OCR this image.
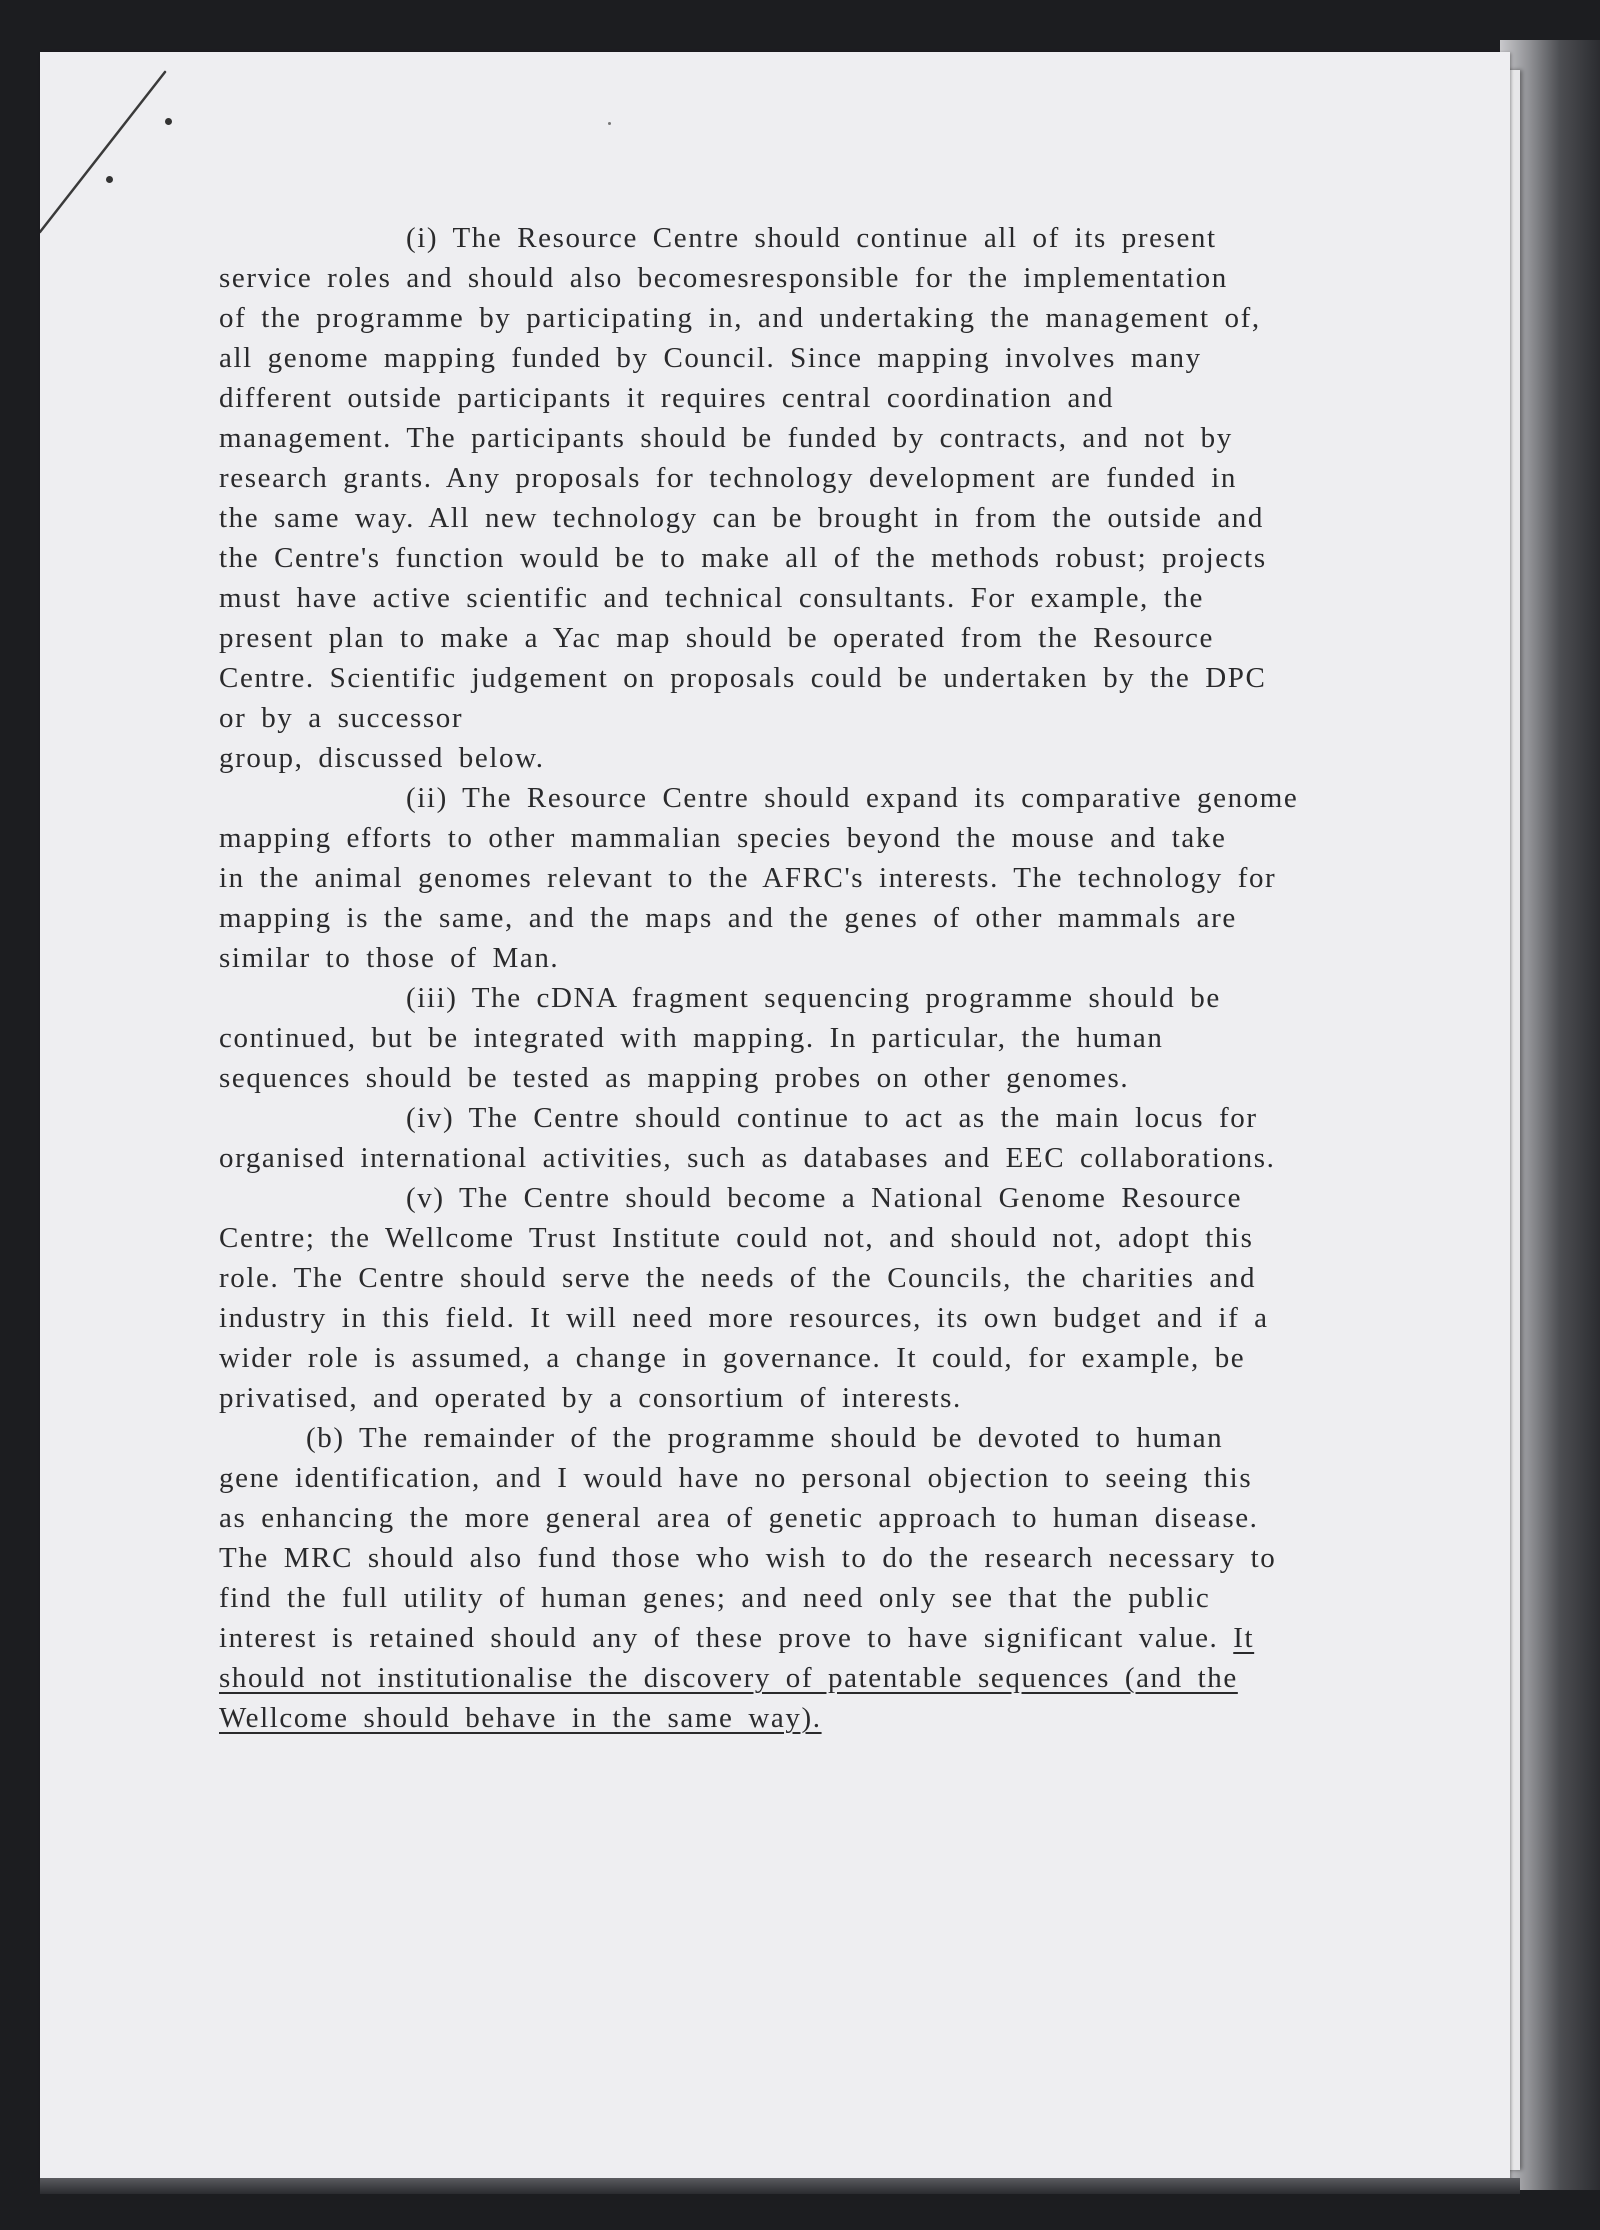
(i) The Resource Centre should continue all of its present
service roles and should also becomesresponsible for the implementation
of the programme by participating in, and undertaking the management of,
all genome mapping funded by Council. Since mapping involves many
different outside participants it requires central coordination and
management. The participants should be funded by contracts, and not by
research grants. Any proposals for technology development are funded in
the same way. All new technology can be brought in from the outside and
the Centre's function would be to make all of the methods robust; projects
must have active scientific and technical consultants. For example, the
present plan to make a Yac map should be operated from the Resource
Centre. Scientific judgement on proposals could be undertaken by the DPC
or by a successor
group, discussed below.
(ii) The Resource Centre should expand its comparative genome
mapping efforts to other mammalian species beyond the mouse and take
in the animal genomes relevant to the AFRC's interests. The technology for
mapping is the same, and the maps and the genes of other mammals are
similar to those of Man.
(iii) The cDNA fragment sequencing programme should be
continued, but be integrated with mapping. In particular, the human
sequences should be tested as mapping probes on other genomes.
(iv) The Centre should continue to act as the main locus for
organised international activities, such as databases and EEC collaborations.
(v) The Centre should become a National Genome Resource
Centre; the Wellcome Trust Institute could not, and should not, adopt this
role. The Centre should serve the needs of the Councils, the charities and
industry in this field. It will need more resources, its own budget and if a
wider role is assumed, a change in governance. It could, for example, be
privatised, and operated by a consortium of interests.
(b) The remainder of the programme should be devoted to human
gene identification, and I would have no personal objection to seeing this
as enhancing the more general area of genetic approach to human disease.
The MRC should also fund those who wish to do the research necessary to
find the full utility of human genes; and need only see that the public
interest is retained should any of these prove to have significant value. It
should not institutionalise the discovery of patentable sequences (and the
Wellcome should behave in the same way).
